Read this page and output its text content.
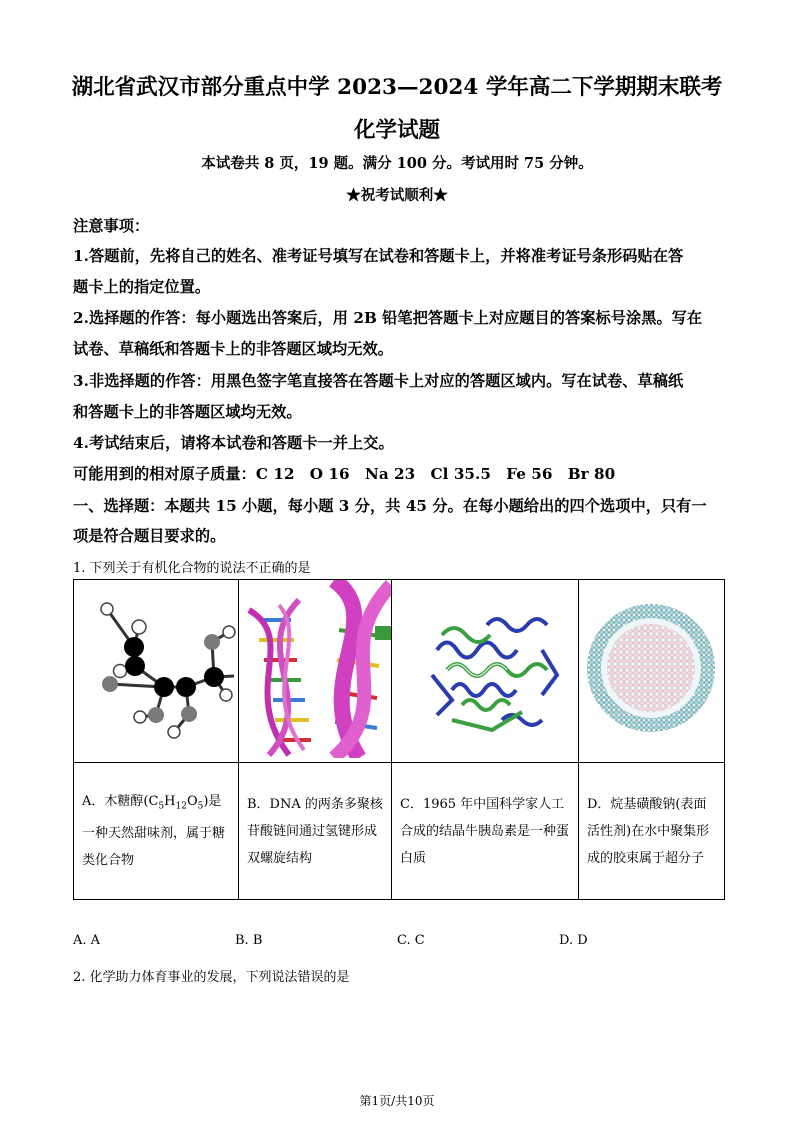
湖北省武汉市部分重点中学 2023—2024 学年高二下学期期末联考
化学试题
本试卷共 8 页，19 题。满分 100 分。考试用时 75 分钟。
★祝考试顺利★
注意事项：
1.答题前，先将自己的姓名、准考证号填写在试卷和答题卡上，并将准考证号条形码贴在答
题卡上的指定位置。
2.选择题的作答：每小题选出答案后，用 2B 铅笔把答题卡上对应题目的答案标号涂黑。写在
试卷、草稿纸和答题卡上的非答题区域均无效。
3.非选择题的作答：用黑色签字笔直接答在答题卡上对应的答题区域内。写在试卷、草稿纸
和答题卡上的非答题区域均无效。
4.考试结束后，请将本试卷和答题卡一并上交。
可能用到的相对原子质量：C 12　O 16　Na 23　Cl 35.5　Fe 56　Br 80
一、选择题：本题共 15 小题，每小题 3 分，共 45 分。在每小题给出的四个选项中，只有一
项是符合题目要求的。
1. 下列关于有机化合物的说法不正确的是

A．木糖醇$(C_5H_{12}O_5)$是一种天然甜味剂，属于糖类化合物	B．DNA 的两条多聚核苷酸链间通过氢键形成双螺旋结构	C．1965 年中国科学家人工合成的结晶牛胰岛素是一种蛋白质	D．烷基磺酸钠(表面活性剂)在水中聚集形成的胶束属于超分子
A. A	B. B	C. C	D. D
2. 化学助力体育事业的发展，下列说法错误的是
第1页/共10页
